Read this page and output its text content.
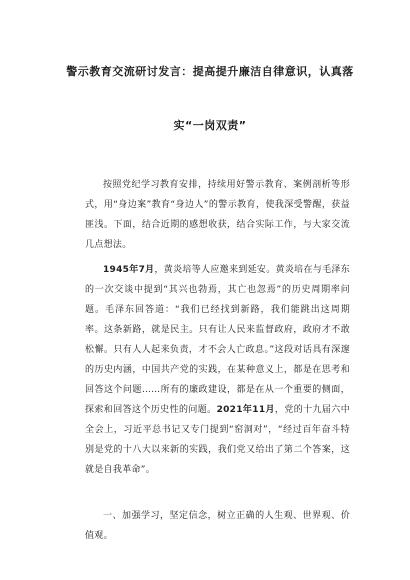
警示教育交流研讨发言：提高提升廉洁自律意识，认真落
实“一岗双责”

按照党纪学习教育安排，持续用好警示教育、案例剖析等形式，用“身边案”教育“身边人”的警示教育，使我深受警醒，获益匪浅。下面，结合近期的感想收获，结合实际工作，与大家交流几点想法。

1945年7月，黄炎培等人应邀来到延安。黄炎培在与毛泽东的一次交谈中提到“其兴也勃焉，其亡也忽焉”的历史周期率问题。毛泽东回答道：“我们已经找到新路，我们能跳出这周期率。这条新路，就是民主。只有让人民来监督政府，政府才不敢松懈。只有人人起来负责，才不会人亡政息。”这段对话具有深邃的历史内涵，中国共产党的实践，在某种意义上，都是在思考和回答这个问题……所有的廉政建设，都是在从一个重要的侧面，探索和回答这个历史性的问题。2021年11月，党的十九届六中全会上，习近平总书记又专门提到“窑洞对”，“经过百年奋斗特别是党的十八大以来新的实践，我们党又给出了第二个答案，这就是自我革命”。

一、加强学习，坚定信念，树立正确的人生观、世界观、价值观。
